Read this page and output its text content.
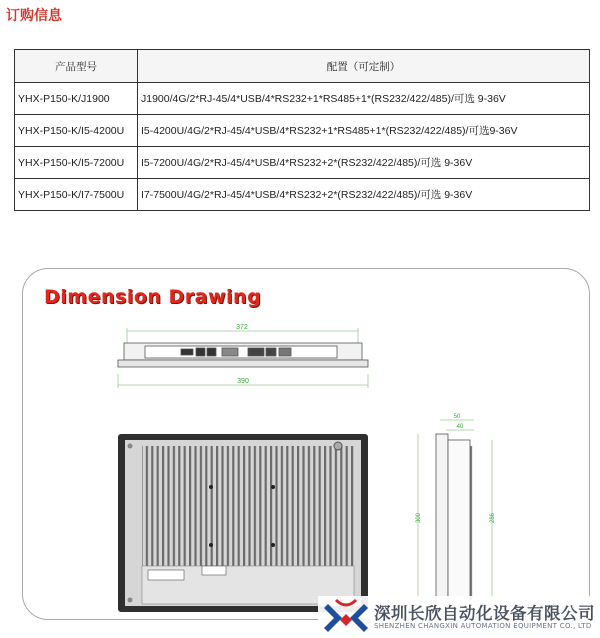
订购信息
产品型号	配置（可定制）
YHX-P150-K/J1900	J1900/4G/2*RJ-45/4*USB/4*RS232+1*RS485+1*(RS232/422/485)/可选 9-36V
YHX-P150-K/I5-4200U	I5-4200U/4G/2*RJ-45/4*USB/4*RS232+1*RS485+1*(RS232/422/485)/可选9-36V
YHX-P150-K/I5-7200U	I5-7200U/4G/2*RJ-45/4*USB/4*RS232+2*(RS232/422/485)/可选 9-36V
YHX-P150-K/I7-7500U	I7-7500U/4G/2*RJ-45/4*USB/4*RS232+2*(RS232/422/485)/可选 9-36V
Dimension Drawing
372
390
50
40
300	286
深圳长欣自动化设备有限公司
SHENZHEN CHANGXIN AUTOMATION EQUIPMENT CO., LTD
